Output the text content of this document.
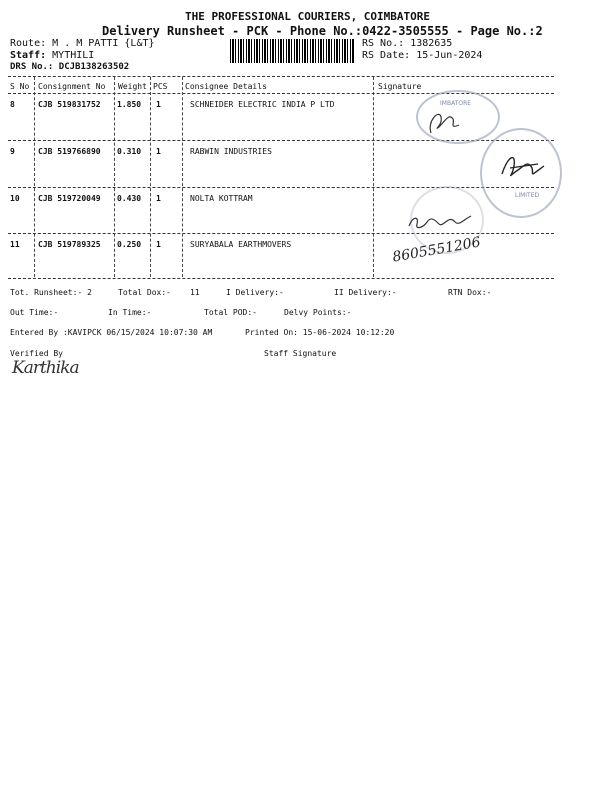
THE PROFESSIONAL COURIERS, COIMBATORE
Delivery Runsheet - PCK - Phone No.:0422-3505555 - Page No.:2
Route: M . M PATTI {L&T}
Staff: MYTHILI
DRS No.: DCJB138263502
RS No.: 1382635
RS Date: 15-Jun-2024
S No Consignment No Weight PCS Consignee Details	Signature
8	CJB 519831752 1.850 1	SCHNEIDER ELECTRIC INDIA P LTD
9	CJB 519766890 0.310 1	RABWIN INDUSTRIES
10 CJB 519720049 0.430 1	NOLTA KOTTRAM
11 CJB 519789325 0.250 1	SURYABALA EARTHMOVERS
IMBATORE
LIMITED
8605551206
Tot. Runsheet:- 2	Total Dox:- 11	I Delivery:-	II Delivery:-	RTN Dox:-
Out Time:-	In Time:-	Total POD:-	Delvy Points:-
Entered By :KAVIPCK 06/15/2024 10:07:30 AM	Printed On: 15-06-2024 10:12:20
Verified By	Staff Signature
Karthika
